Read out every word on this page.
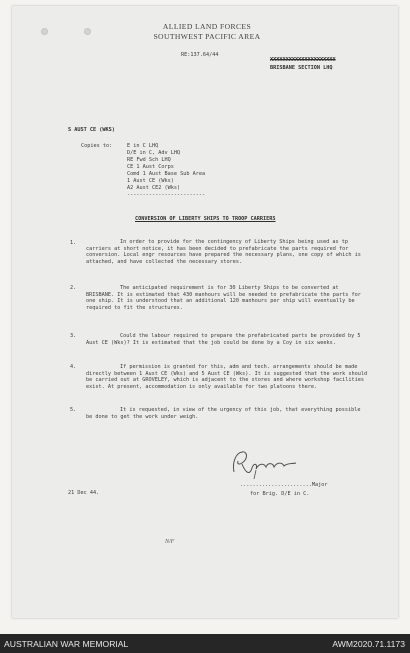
ALLIED LAND FORCES
SOUTHWEST PACIFIC AREA
RE:137.64/44
XXXXXXXXXXXXXXXXXXXXX
BRISBANE SECTION LHQ
S AUST CE (WKS)
Copies to:	E in C LHQ
D/E in C, Adv LHQ
RE Fwd Sch LHQ
CE 1 Aust Corps
Comd 1 Aust Base Sub Area
1 Aust CE (Wks)
A2 Aust CE2 (Wks)
-------------------------
CONVERSION OF LIBERTY SHIPS TO TROOP CARRIERS
1.	In order to provide for the contingency of Liberty Ships being used as tp carriers at short notice, it has been decided to prefabricate the parts required for conversion. Local engr resources have prepared the necessary plans, one copy of which is attached, and have collected the necessary stores.
2.	The anticipated requirement is for 30 Liberty Ships to be converted at BRISBANE. It is estimated that 430 manhours will be needed to prefabricate the parts for one ship. It is understood that an additional 120 manhours per ship will eventually be required to fit the structures.
3.	Could the labour required to prepare the prefabricated parts be provided by 5 Aust CE (Wks)? It is estimated that the job could be done by a Coy in six weeks.
4.	If permission is granted for this, adm and tech. arrangements should be made directly between 1 Aust CE (Wks) and 5 Aust CE (Wks). It is suggested that the work should be carried out at GROVELEY, which is adjacent to the stores and where workshop facilities exist. At present, accommodation is only available for two platoons there.
5.	It is requested, in view of the urgency of this job, that everything possible be done to get the work under weigh.
.......................Major
for Brig. D/E in C.
21 Dec 44.
N/F
AUSTRALIAN WAR MEMORIAL	AWM2020.71.1173
